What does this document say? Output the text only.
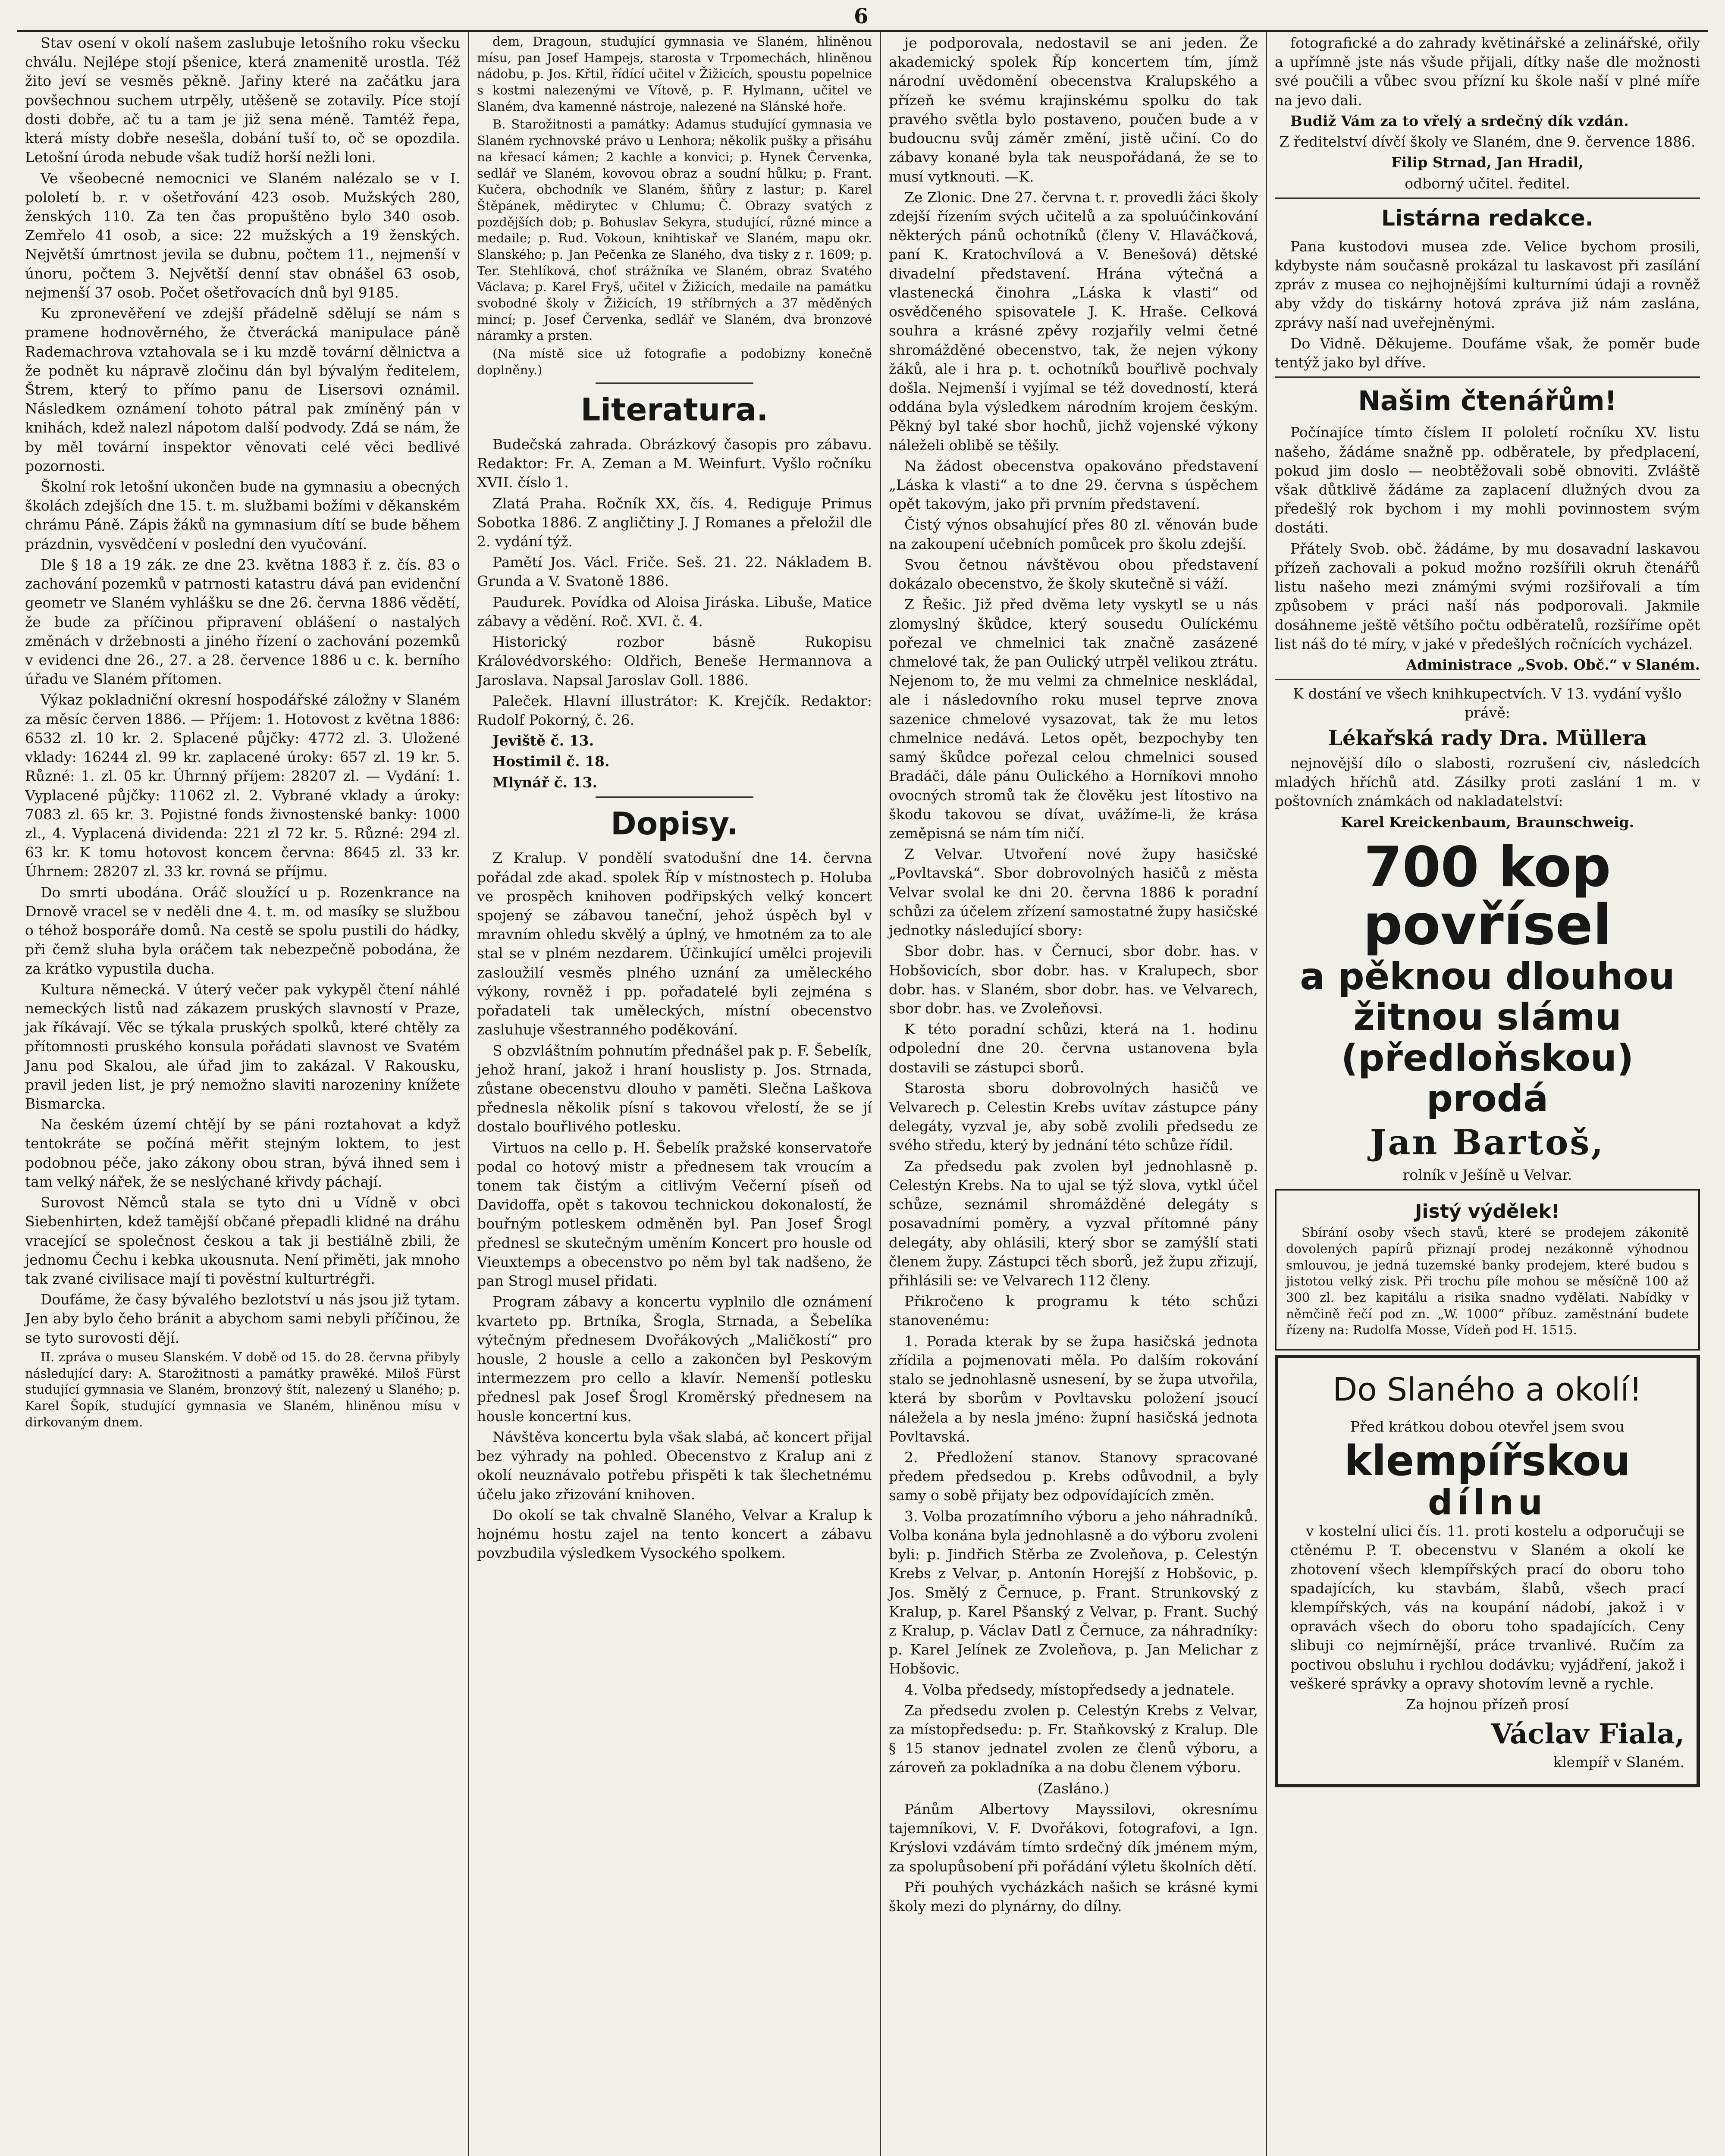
6

Stav osení v okolí našem zaslubuje letošního roku všecku chválu. Nejlépe stojí pšenice, která znamenitě urostla. Též žito jeví se vesměs pěkně. Jařiny které na začátku jara povšechnou suchem utrpěly, utěšeně se zotavily. Píce stojí dosti dobře, ač tu a tam je již sena méně. Tamtéž řepa, která místy dobře nesešla, dobání tuší to, oč se opozdila. Letošní úroda nebude však tudíž horší nežli loni.

Ve všeobecné nemocnici ve Slaném nalézalo se v I. pololetí b. r. v ošetřování 423 osob. Mužských 280, ženských 110. Za ten čas propuštěno bylo 340 osob. Zemřelo 41 osob, a sice: 22 mužských a 19 ženských. Největší úmrtnost jevila se dubnu, počtem 11., nejmenší v únoru, počtem 3. Největší denní stav obnášel 63 osob, nejmenší 37 osob. Počet ošetřovacích dnů byl 9185.

Ku zpronevěření ve zdejší přádelně sdělují se nám s pramene hodnověrného, že čtverácká manipulace páně Rademachrova vztahovala se i ku mzdě tovární dělnictva a že podnět ku nápravě zločinu dán byl bývalým ředitelem, Štrem, který to přímo panu de Lisersovi oznámil. Následkem oznámení tohoto pátral pak zmíněný pán v knihách, kdež nalezl nápotom další podvody. Zdá se nám, že by měl tovární inspektor věnovati celé věci bedlivé pozornosti.

Školní rok letošní ukončen bude na gymnasiu a obecných školách zdejších dne 15. t. m. službami božími v děkanském chrámu Páně. Zápis žáků na gymnasium dítí se bude během prázdnin, vysvědčení v poslední den vyučování.

Dle § 18 a 19 zák. ze dne 23. května 1883 ř. z. čís. 83 o zachování pozemků v patrnosti katastru dává pan evidenční geometr ve Slaném vyhlášku se dne 26. června 1886 vědětí, že bude za příčinou připravení oblášení o nastalých změnách v držebnosti a jiného řízení o zachování pozemků v evidenci dne 26., 27. a 28. července 1886 u c. k. berního úřadu ve Slaném přítomen.

Výkaz pokladniční okresní hospodářské záložny v Slaném za měsíc červen 1886. — Příjem: 1. Hotovost z května 1886: 6532 zl. 10 kr. 2. Splacené půjčky: 4772 zl. 3. Uložené vklady: 16244 zl. 99 kr. zaplacené úroky: 657 zl. 19 kr. 5. Různé: 1. zl. 05 kr. Úhrnný příjem: 28207 zl. — Vydání: 1. Vyplacené půjčky: 11062 zl. 2. Vybrané vklady a úroky: 7083 zl. 65 kr. 3. Pojistné fonds živnostenské banky: 1000 zl., 4. Vyplacená dividenda: 221 zl 72 kr. 5. Různé: 294 zl. 63 kr. K tomu hotovost koncem června: 8645 zl. 33 kr. Úhrnem: 28207 zl. 33 kr. rovná se příjmu.

Do smrti ubodána. Oráč sloužící u p. Rozenkrance na Drnově vracel se v neděli dne 4. t. m. od masíky se službou o téhož bosporáře domů. Na cestě se spolu pustili do hádky, při čemž sluha byla oráčem tak nebezpečně pobodána, že za krátko vypustila ducha.

Kultura německá. V úterý večer pak vykypěl čtení náhlé nemeckých listů nad zákazem pruských slavností v Praze, jak říkávají. Věc se týkala pruských spolků, které chtěly za přítomnosti pruského konsula pořádati slavnost ve Svatém Janu pod Skalou, ale úřad jim to zakázal. V Rakousku, pravil jeden list, je prý nemožno slaviti narozeniny knížete Bismarcka.

Na českém území chtějí by se páni roztahovat a když tentokráte se počíná měřit stejným loktem, to jest podobnou péče, jako zákony obou stran, bývá ihned sem i tam velký nářek, že se neslýchané křivdy páchají.

Surovost Němců stala se tyto dni u Vídně v obci Siebenhirten, kdež tamější občané přepadli klidné na dráhu vracející se společnost českou a tak ji bestiálně zbili, že jednomu Čechu i kebka ukousnuta. Není přiměti, jak mnoho tak zvané civilisace mají ti pověstní kulturtrégři.

Doufáme, že časy bývalého bezlotství u nás jsou již tytam. Jen aby bylo čeho bránit a abychom sami nebyli příčinou, že se tyto surovosti dějí.

II. zpráva o museu Slanském. V době od 15. do 28. června přibyly následující dary: A. Starožitnosti a památky prawěké. Miloš Fürst studující gymnasia ve Slaném, bronzový štít, nalezený u Slaného; p. Karel Šopík, studující gymnasia ve Slaném, hliněnou mísu v dirkovaným dnem.

dem, Dragoun, studující gymnasia ve Slaném, hliněnou mísu, pan Josef Hampejs, starosta v Trpomechách, hliněnou nádobu, p. Jos. Křtil, řídící učitel v Žižicích, spoustu popelnice s kostmi nalezenými ve Vítově, p. F. Hylmann, učitel ve Slaném, dva kamenné nástroje, nalezené na Slánské hoře.

B. Starožitnosti a památky: Adamus studující gymnasia ve Slaném rychnovské právo u Lenhora; několik pušky a přisáhu na křesací kámen; 2 kachle a konvici; p. Hynek Červenka, sedlář ve Slaném, kovovou obraz a soudní hůlku; p. Frant. Kučera, obchodník ve Slaném, šňůry z lastur; p. Karel Štěpánek, mědirytec v Chlumu; Č. Obrazy svatých z pozdějších dob; p. Bohuslav Sekyra, studující, různé mince a medaile; p. Rud. Vokoun, knihtiskař ve Slaném, mapu okr. Slanského; p. Jan Pečenka ze Slaného, dva tisky z r. 1609; p. Ter. Stehlíková, choť strážníka ve Slaném, obraz Svatého Václava; p. Karel Fryš, učitel v Žižicích, medaile na památku svobodné školy v Žižicích, 19 stříbrných a 37 měděných mincí; p. Josef Červenka, sedlář ve Slaném, dva bronzové náramky a prsten.

(Na místě sice už fotografie a podobizny konečně doplněny.)

Literatura.

Budečská zahrada. Obrázkový časopis pro zábavu. Redaktor: Fr. A. Zeman a M. Weinfurt. Vyšlo ročníku XVII. číslo 1.

Zlatá Praha. Ročník XX, čís. 4. Rediguje Primus Sobotka 1886. Z angličtiny J. J Romanes a přeložil dle 2. vydání týž.

Pamětí Jos. Václ. Friče. Seš. 21. 22. Nákladem B. Grunda a V. Svatoně 1886.

Paudurek. Povídka od Aloisa Jiráska. Libuše, Matice zábavy a vědění. Roč. XVI. č. 4.

Historický rozbor básně Rukopisu Královédvorského: Oldřich, Beneše Hermannova a Jaroslava. Napsal Jaroslav Goll. 1886.

Paleček. Hlavní illustrátor: K. Krejčík. Redaktor: Rudolf Pokorný, č. 26.

Jeviště č. 13.

Hostimil č. 18.

Mlynář č. 13.

Dopisy.

Z Kralup. V pondělí svatodušní dne 14. června pořádal zde akad. spolek Říp v místnostech p. Holuba ve prospěch knihoven podřipských velký koncert spojený se zábavou taneční, jehož úspěch byl v mravním ohledu skvělý a úplný, ve hmotném za to ale stal se v plném nezdarem. Účinkující umělci projevili zasloužilí vesměs plného uznání za uměleckého výkony, rovněž i pp. pořadatelé byli zejména s pořadateli tak uměleckých, místní obecenstvo zasluhuje všestranného poděkování.

S obzvláštním pohnutím přednášel pak p. F. Šebelík, jehož hraní, jakož i hraní houslisty p. Jos. Strnada, zůstane obecenstvu dlouho v paměti. Slečna Laškova přednesla několik písní s takovou vřelostí, že se jí dostalo bouřlivého potlesku.

Virtuos na cello p. H. Šebelík pražské konservatoře podal co hotový mistr a přednesem tak vroucím a tonem tak čistým a citlivým Večerní píseň od Davidoffa, opět s takovou technickou dokonalostí, že bouřným potleskem odměněn byl. Pan Josef Šrogl přednesl se skutečným uměním Koncert pro housle od Vieuxtemps a obecenstvo po něm byl tak nadšeno, že pan Strogl musel přidati.

Program zábavy a koncertu vyplnilo dle oznámení kvarteto pp. Brtníka, Šrogla, Strnada, a Šebelíka výtečným přednesem Dvořákových „Maličkostí“ pro housle, 2 housle a cello a zakončen byl Peskovým intermezzem pro cello a klavír. Nemenší potlesku přednesl pak Josef Šrogl Kroměrský přednesem na housle koncertní kus.

Návštěva koncertu byla však slabá, ač koncert přijal bez výhrady na pohled. Obecenstvo z Kralup ani z okolí neuznávalo potřebu přispěti k tak šlechetnému účelu jako zřizování knihoven.

Do okolí se tak chvalně Slaného, Velvar a Kralup k hojnému hostu zajel na tento koncert a zábavu povzbudila výsledkem Vysockého spolkem.

je podporovala, nedostavil se ani jeden. Že akademický spolek Říp koncertem tím, jímž národní uvědomění obecenstva Kralupského a přízeň ke svému krajinskému spolku do tak pravého světla bylo postaveno, poučen bude a v budoucnu svůj záměr změní, jistě učiní. Co do zábavy konané byla tak neuspořádaná, že se to musí vytknouti. —K.

Ze Zlonic. Dne 27. června t. r. provedli žáci školy zdejší řízením svých učitelů a za spoluúčinkování některých pánů ochotníků (členy V. Hlaváčková, paní K. Kratochvílová a V. Benešová) dětské divadelní představení. Hrána výtečná a vlastenecká činohra „Láska k vlasti“ od osvědčeného spisovatele J. K. Hraše. Celková souhra a krásné zpěvy rozjařily velmi četné shromážděné obecenstvo, tak, že nejen výkony žáků, ale i hra p. t. ochotníků bouřlivě pochvaly došla. Nejmenší i vyjímal se též dovedností, která oddána byla výsledkem národním krojem českým. Pěkný byl také sbor hochů, jichž vojenské výkony náleželi oblibě se těšily.

Na žádost obecenstva opakováno představení „Láska k vlasti“ a to dne 29. června s úspěchem opět takovým, jako při prvním představení.

Čistý výnos obsahující přes 80 zl. věnován bude na zakoupení učebních pomůcek pro školu zdejší.

Svou četnou návštěvou obou představení dokázalo obecenstvo, že školy skutečně si váží.

Z Řešic. Již před dvěma lety vyskytl se u nás zlomyslný škůdce, který sousedu Oulíckému pořezal ve chmelnici tak značně zasázené chmelové tak, že pan Oulický utrpěl velikou ztrátu. Nejenom to, že mu velmi za chmelnice neskládal, ale i následovního roku musel teprve znova sazenice chmelové vysazovat, tak že mu letos chmelnice nedává. Letos opět, bezpochyby ten samý škůdce pořezal celou chmelnici soused Bradáči, dále pánu Oulického a Horníkovi mnoho ovocných stromů tak že člověku jest lítostivo na škodu takovou se dívat, uvážíme-li, že krása zeměpisná se nám tím ničí.

Z Velvar. Utvoření nové župy hasičské „Povltavská“. Sbor dobrovolných hasičů z města Velvar svolal ke dni 20. června 1886 k poradní schůzi za účelem zřízení samostatné župy hasičské jednotky následující sbory:

Sbor dobr. has. v Černuci, sbor dobr. has. v Hobšovicích, sbor dobr. has. v Kralupech, sbor dobr. has. v Slaném, sbor dobr. has. ve Velvarech, sbor dobr. has. ve Zvoleňovsi.

K této poradní schůzi, která na 1. hodinu odpolední dne 20. června ustanovena byla dostavili se zástupci sborů.

Starosta sboru dobrovolných hasičů ve Velvarech p. Celestin Krebs uvítav zástupce pány delegáty, vyzval je, aby sobě zvolili předsedu ze svého středu, který by jednání této schůze řídil.

Za předsedu pak zvolen byl jednohlasně p. Celestýn Krebs. Na to ujal se týž slova, vytkl účel schůze, seznámil shromážděné delegáty s posavadními poměry, a vyzval přítomné pány delegáty, aby ohlásili, který sbor se zamýšlí stati členem župy. Zástupci těch sborů, jež župu zřizují, přihlásili se: ve Velvarech 112 členy.

Přikročeno k programu k této schůzi stanovenému:

1. Porada kterak by se župa hasičská jednota zřídila a pojmenovati měla. Po dalším rokování stalo se jednohlasně usnesení, by se župa utvořila, která by sborům v Povltavsku položení jsoucí náležela a by nesla jméno: župní hasičská jednota Povltavská.

2. Předložení stanov. Stanovy spracované předem předsedou p. Krebs odůvodnil, a byly samy o sobě přijaty bez odpovídajících změn.

3. Volba prozatímního výboru a jeho náhradníků. Volba konána byla jednohlasně a do výboru zvoleni byli: p. Jindřich Stěrba ze Zvoleňova, p. Celestýn Krebs z Velvar, p. Antonín Horejší z Hobšovic, p. Jos. Smělý z Černuce, p. Frant. Strunkovský z Kralup, p. Karel Pšanský z Velvar, p. Frant. Suchý z Kralup, p. Václav Datl z Černuce, za náhradníky: p. Karel Jelínek ze Zvoleňova, p. Jan Melichar z Hobšovic.

4. Volba předsedy, místopředsedy a jednatele.

Za předsedu zvolen p. Celestýn Krebs z Velvar, za místopředsedu: p. Fr. Staňkovský z Kralup. Dle § 15 stanov jednatel zvolen ze členů výboru, a zároveň za pokladníka a na dobu členem výboru.

(Zasláno.)

Pánům Albertovy Mayssilovi, okresnímu tajemníkovi, V. F. Dvořákovi, fotografovi, a Ign. Krýslovi vzdávám tímto srdečný dík jménem mým, za spolupůsobení při pořádání výletu školních dětí.

Při pouhých vycházkách našich se krásné kymi školy mezi do plynárny, do dílny.

fotografické a do zahrady květinářské a zelinářské, ořily a upřímně jste nás všude přijali, dítky naše dle možnosti své poučili a vůbec svou přízní ku škole naší v plné míře na jevo dali.

Budiž Vám za to vřelý a srdečný dík vzdán.

Z ředitelství dívčí školy ve Slaném, dne 9. července 1886.

Filip Strnad, Jan Hradil,

odborný učitel. ředitel.

Listárna redakce.

Pana kustodovi musea zde. Velice bychom prosili, kdybyste nám současně prokázal tu laskavost při zasílání zpráv z musea co nejhojnějšími kulturními údaji a rovněž aby vždy do tiskárny hotová zpráva již nám zaslána, zprávy naší nad uveřejněnými.

Do Vidně. Děkujeme. Doufáme však, že poměr bude tentýž jako byl dříve.

Našim čtenářům!

Počínajíce tímto číslem II pololetí ročníku XV. listu našeho, žádáme snažně pp. odběratele, by předplacení, pokud jim doslo — neobtěžovali sobě obnoviti. Zvláště však důtklivě žádáme za zaplacení dlužných dvou za předešlý rok bychom i my mohli povinnostem svým dostáti.

Přátely Svob. obč. žádáme, by mu dosavadní laskavou přízeň zachovali a pokud možno rozšířili okruh čtenářů listu našeho mezi známými svými rozšiřovali a tím způsobem v práci naší nás podporovali. Jakmile dosáhneme ještě většího počtu odběratelů, rozšíříme opět list náš do té míry, v jaké v předešlých ročnících vycházel.

Administrace „Svob. Obč.“ v Slaném.

K dostání ve všech knihkupectvích. V 13. vydání vyšlo právě:

Lékařská rady Dra. Müllera

nejnovější dílo o slabosti, rozrušení civ, následcích mladých hříchů atd. Zásilky proti zaslání 1 m. v poštovních známkách od nakladatelství:

Karel Kreickenbaum, Braunschweig.

700 kop povřísel
a pěknou dlouhou žitnou slámu (předloňskou) prodá
Jan Bartoš,

rolník v Ješíně u Velvar.

Jistý výdělek!

Sbírání osoby všech stavů, které se prodejem zákonitě dovolených papírů přiznají prodej nezákonně výhodnou smlouvou, je jedná tuzemské banky prodejem, které budou s jistotou velký zisk. Při trochu píle mohou se měsíčně 100 až 300 zl. bez kapitálu a risika snadno vydělati. Nabídky v němčině řečí pod zn. „W. 1000“ příbuz. zaměstnání budete řízeny na: Rudolfa Mosse, Vídeň pod H. 1515.

Do Slaného a okolí!

Před krátkou dobou otevřel jsem svou

klempířskou
dílnu

v kostelní ulici čís. 11. proti kostelu a odporučuji se ctěnému P. T. obecenstvu v Slaném a okolí ke zhotovení všech klempířských prací do oboru toho spadajících, ku stavbám, šlabů, všech prací klempířských, vás na koupání nádobí, jakož i v opravách všech do oboru toho spadajících. Ceny slibuji co nejmírnější, práce trvanlivé. Ručím za poctivou obsluhu i rychlou dodávku; vyjádření, jakož i veškeré správky a opravy shotovím levně a rychle.

Za hojnou přízeň prosí

Václav Fiala,

klempíř v Slaném.
